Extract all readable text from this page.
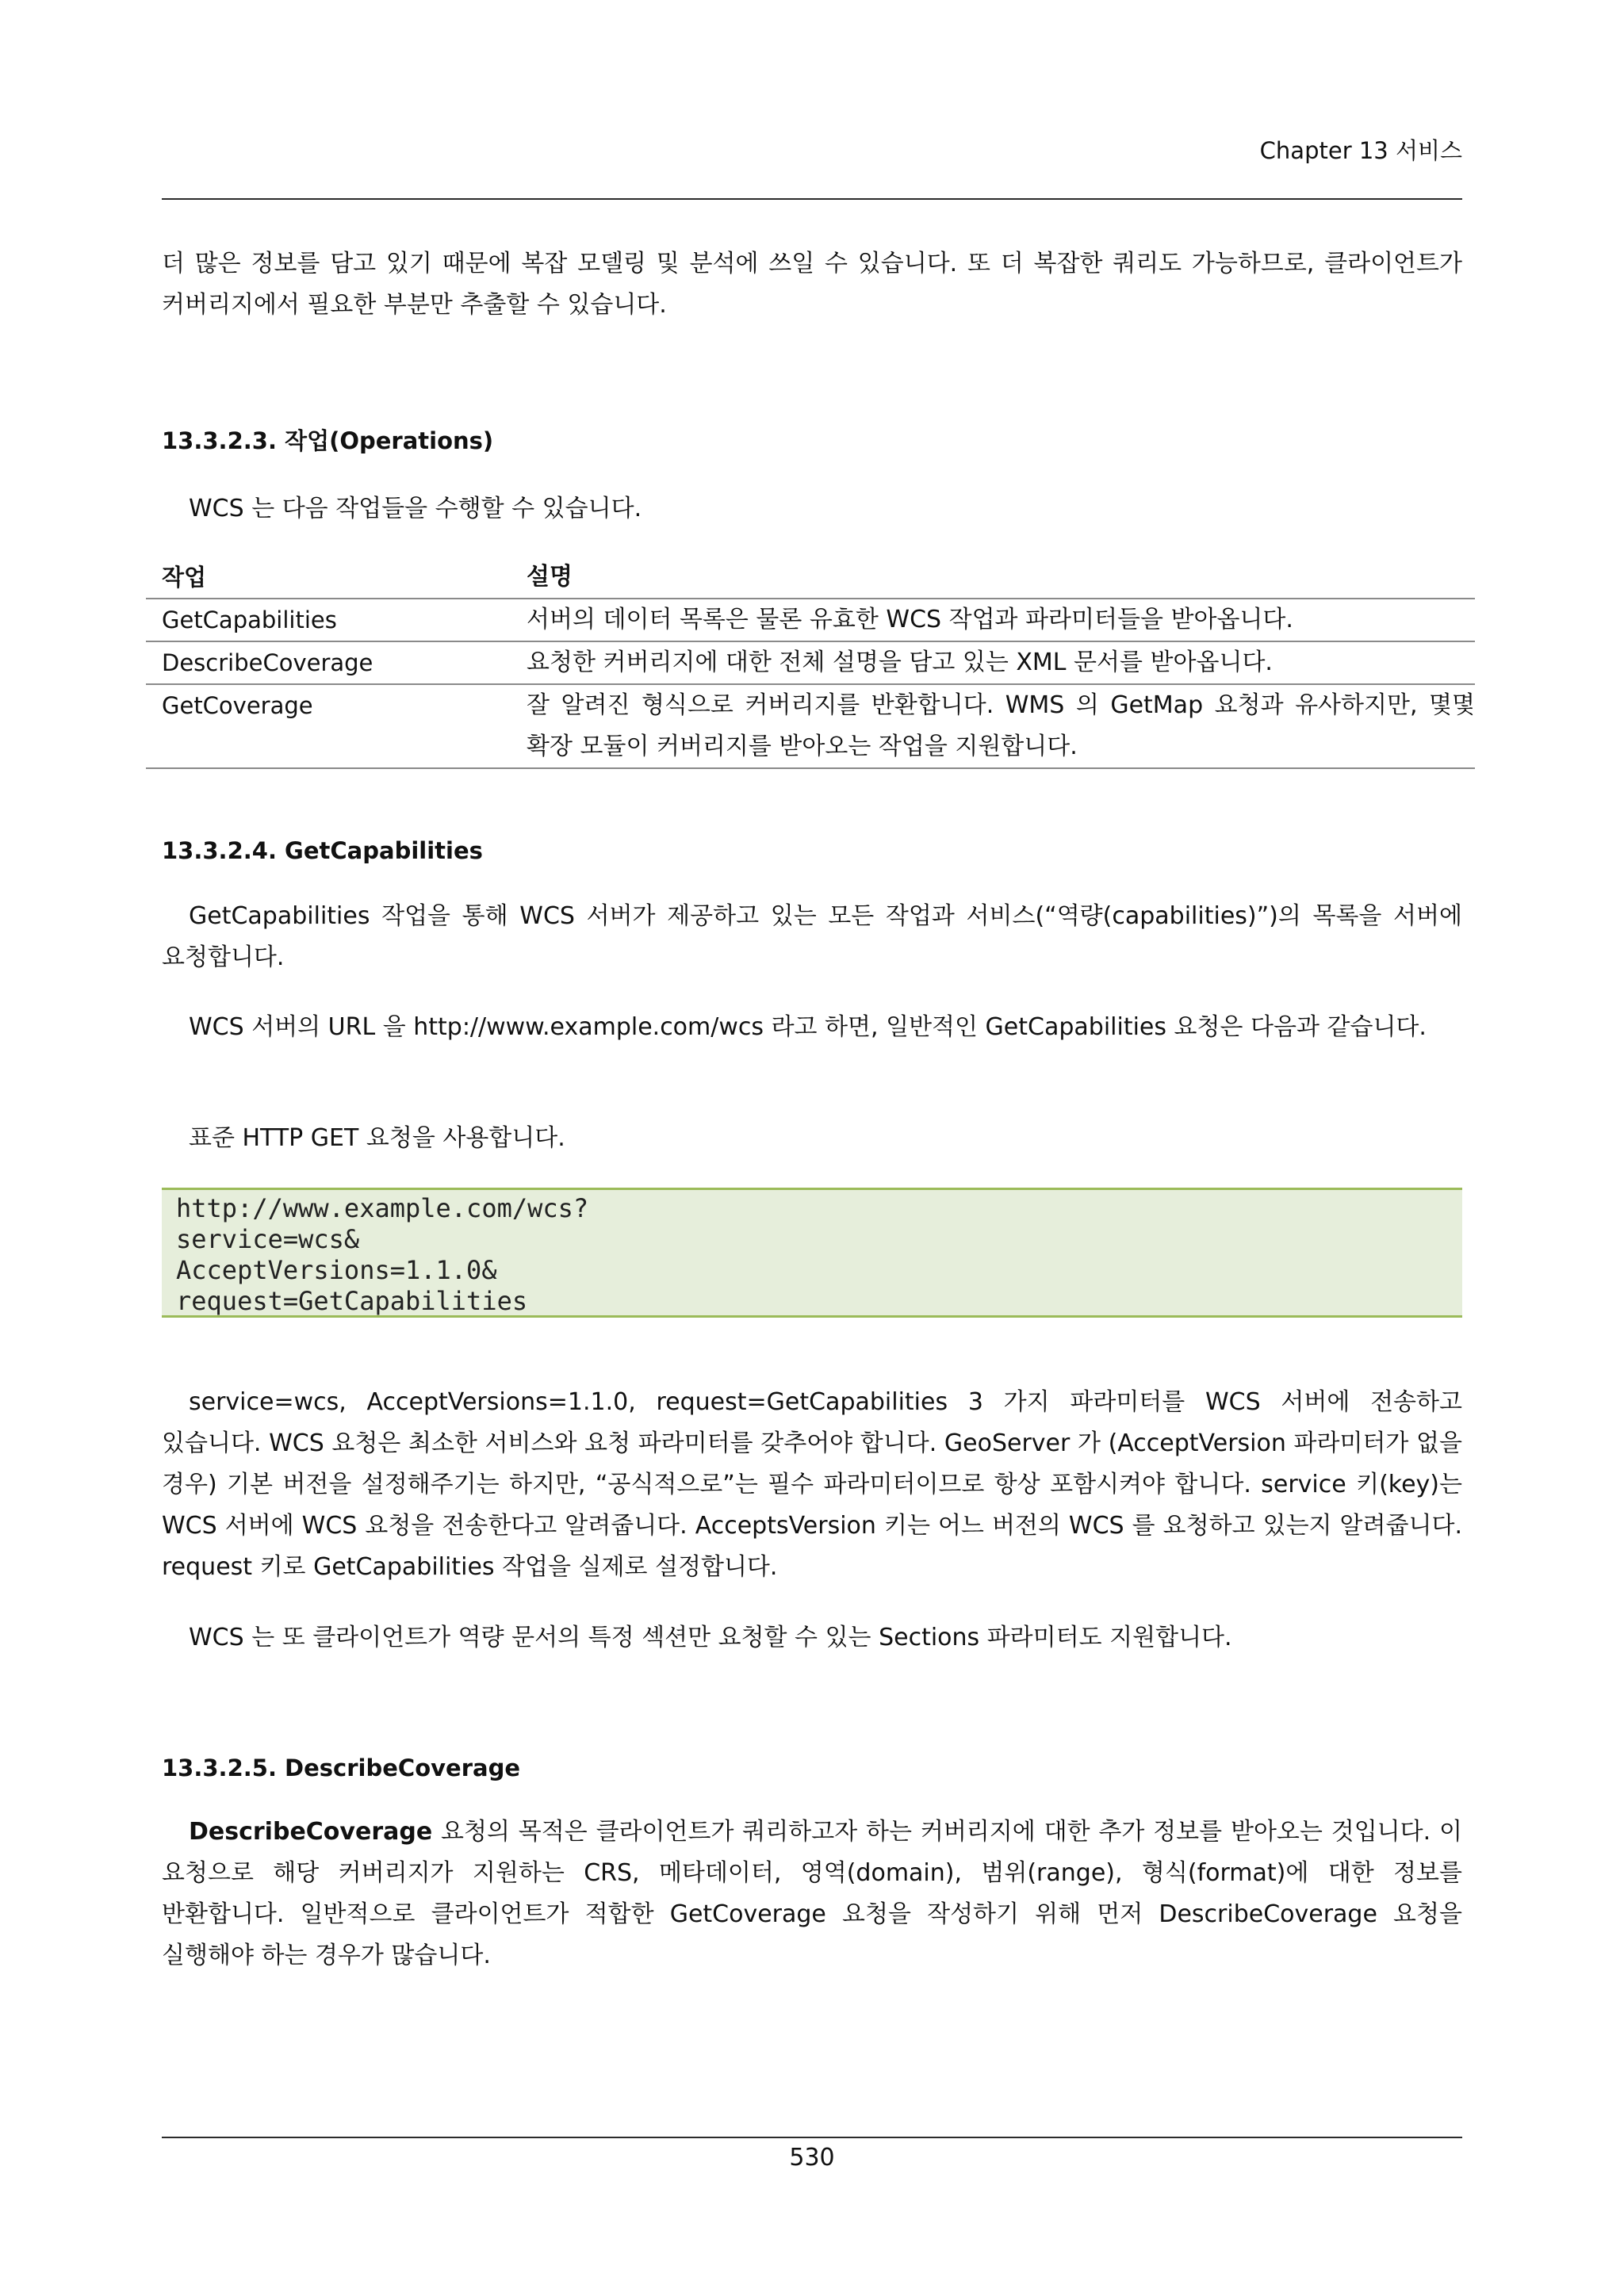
Chapter 13 서비스

더 많은 정보를 담고 있기 때문에 복잡 모델링 및 분석에 쓰일 수 있습니다. 또 더 복잡한 쿼리도 가능하므로, 클라이언트가 커버리지에서 필요한 부분만 추출할 수 있습니다.

13.3.2.3. 작업(Operations)

WCS 는 다음 작업들을 수행할 수 있습니다.

작업	설명
GetCapabilities	서버의 데이터 목록은 물론 유효한 WCS 작업과 파라미터들을 받아옵니다.
DescribeCoverage	요청한 커버리지에 대한 전체 설명을 담고 있는 XML 문서를 받아옵니다.
GetCoverage	잘 알려진 형식으로 커버리지를 반환합니다. WMS 의 GetMap 요청과 유사하지만, 몇몇 확장 모듈이 커버리지를 받아오는 작업을 지원합니다.

13.3.2.4. GetCapabilities

GetCapabilities 작업을 통해 WCS 서버가 제공하고 있는 모든 작업과 서비스(“역량(capabilities)”)의 목록을 서버에 요청합니다.

WCS 서버의 URL 을 http://www.example.com/wcs 라고 하면, 일반적인 GetCapabilities 요청은 다음과 같습니다.

표준 HTTP GET 요청을 사용합니다.

http://www.example.com/wcs?
service=wcs&
AcceptVersions=1.1.0&
request=GetCapabilities

service=wcs, AcceptVersions=1.1.0, request=GetCapabilities 3 가지 파라미터를 WCS 서버에 전송하고 있습니다. WCS 요청은 최소한 서비스와 요청 파라미터를 갖추어야 합니다. GeoServer 가 (AcceptVersion 파라미터가 없을 경우) 기본 버전을 설정해주기는 하지만, “공식적으로”는 필수 파라미터이므로 항상 포함시켜야 합니다. service 키(key)는 WCS 서버에 WCS 요청을 전송한다고 알려줍니다. AcceptsVersion 키는 어느 버전의 WCS 를 요청하고 있는지 알려줍니다. request 키로 GetCapabilities 작업을 실제로 설정합니다.

WCS 는 또 클라이언트가 역량 문서의 특정 섹션만 요청할 수 있는 Sections 파라미터도 지원합니다.

13.3.2.5. DescribeCoverage

DescribeCoverage 요청의 목적은 클라이언트가 쿼리하고자 하는 커버리지에 대한 추가 정보를 받아오는 것입니다. 이 요청으로 해당 커버리지가 지원하는 CRS, 메타데이터, 영역(domain), 범위(range), 형식(format)에 대한 정보를 반환합니다. 일반적으로 클라이언트가 적합한 GetCoverage 요청을 작성하기 위해 먼저 DescribeCoverage 요청을 실행해야 하는 경우가 많습니다.

530
